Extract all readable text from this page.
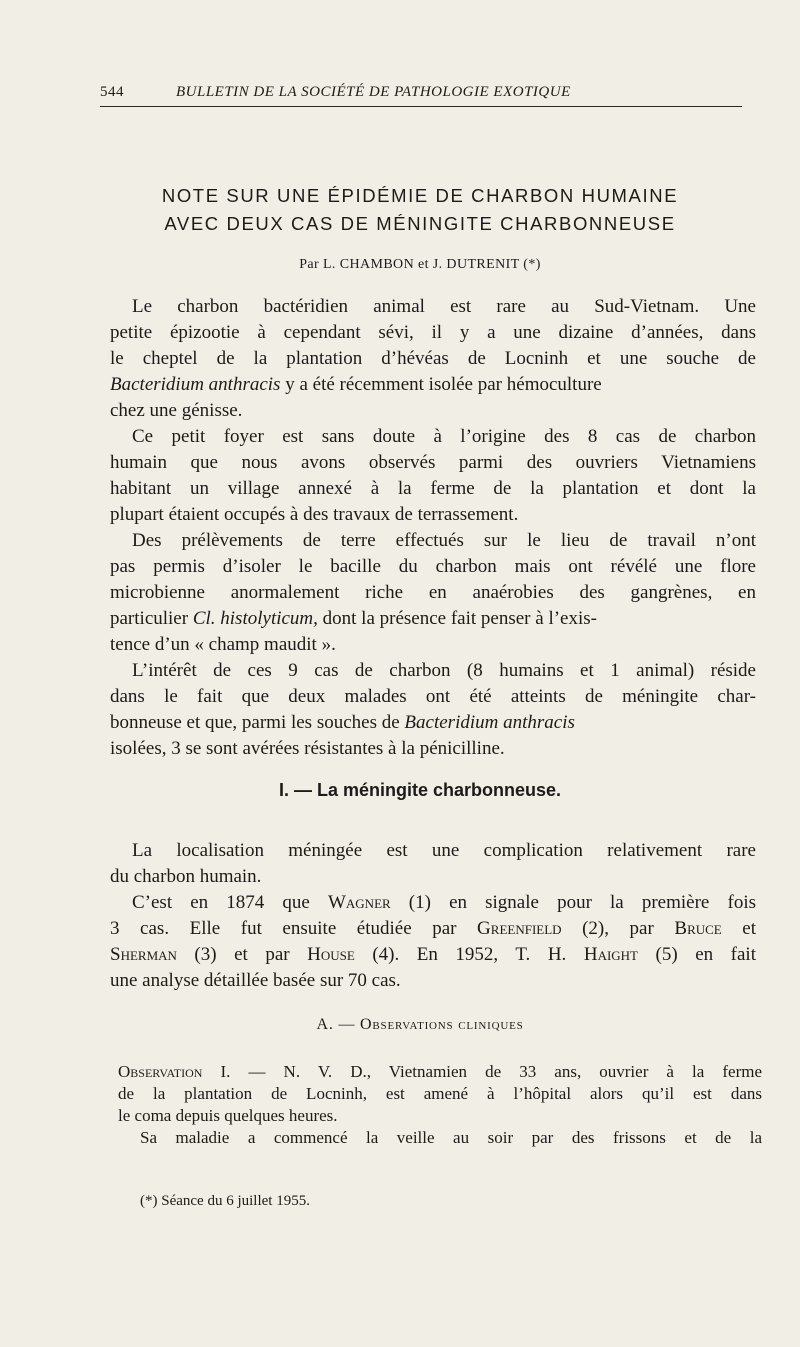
544	BULLETIN DE LA SOCIÉTÉ DE PATHOLOGIE EXOTIQUE
NOTE SUR UNE ÉPIDÉMIE DE CHARBON HUMAINE
AVEC DEUX CAS DE MÉNINGITE CHARBONNEUSE
Par L. CHAMBON et J. DUTRENIT (*)
Le charbon bactéridien animal est rare au Sud-Vietnam. Une
petite épizootie à cependant sévi, il y a une dizaine d’années, dans
le cheptel de la plantation d’hévéas de Locninh et une souche de
Bacteridium anthracis y a été récemment isolée par hémoculture
chez une génisse.
Ce petit foyer est sans doute à l’origine des 8 cas de charbon
humain que nous avons observés parmi des ouvriers Vietnamiens
habitant un village annexé à la ferme de la plantation et dont la
plupart étaient occupés à des travaux de terrassement.
Des prélèvements de terre effectués sur le lieu de travail n’ont
pas permis d’isoler le bacille du charbon mais ont révélé une flore
microbienne anormalement riche en anaérobies des gangrènes, en
particulier Cl. histolyticum, dont la présence fait penser à l’exis-
tence d’un « champ maudit ».
L’intérêt de ces 9 cas de charbon (8 humains et 1 animal) réside
dans le fait que deux malades ont été atteints de méningite char-
bonneuse et que, parmi les souches de Bacteridium anthracis
isolées, 3 se sont avérées résistantes à la pénicilline.
I. — La méningite charbonneuse.
La localisation méningée est une complication relativement rare
du charbon humain.
C’est en 1874 que Wagner (1) en signale pour la première fois
3 cas. Elle fut ensuite étudiée par Greenfield (2), par Bruce et
Sherman (3) et par House (4). En 1952, T. H. Haight (5) en fait
une analyse détaillée basée sur 70 cas.
A. — Observations cliniques
Observation I. — N. V. D., Vietnamien de 33 ans, ouvrier à la ferme
de la plantation de Locninh, est amené à l’hôpital alors qu’il est dans
le coma depuis quelques heures.
Sa maladie a commencé la veille au soir par des frissons et de la
(*) Séance du 6 juillet 1955.
